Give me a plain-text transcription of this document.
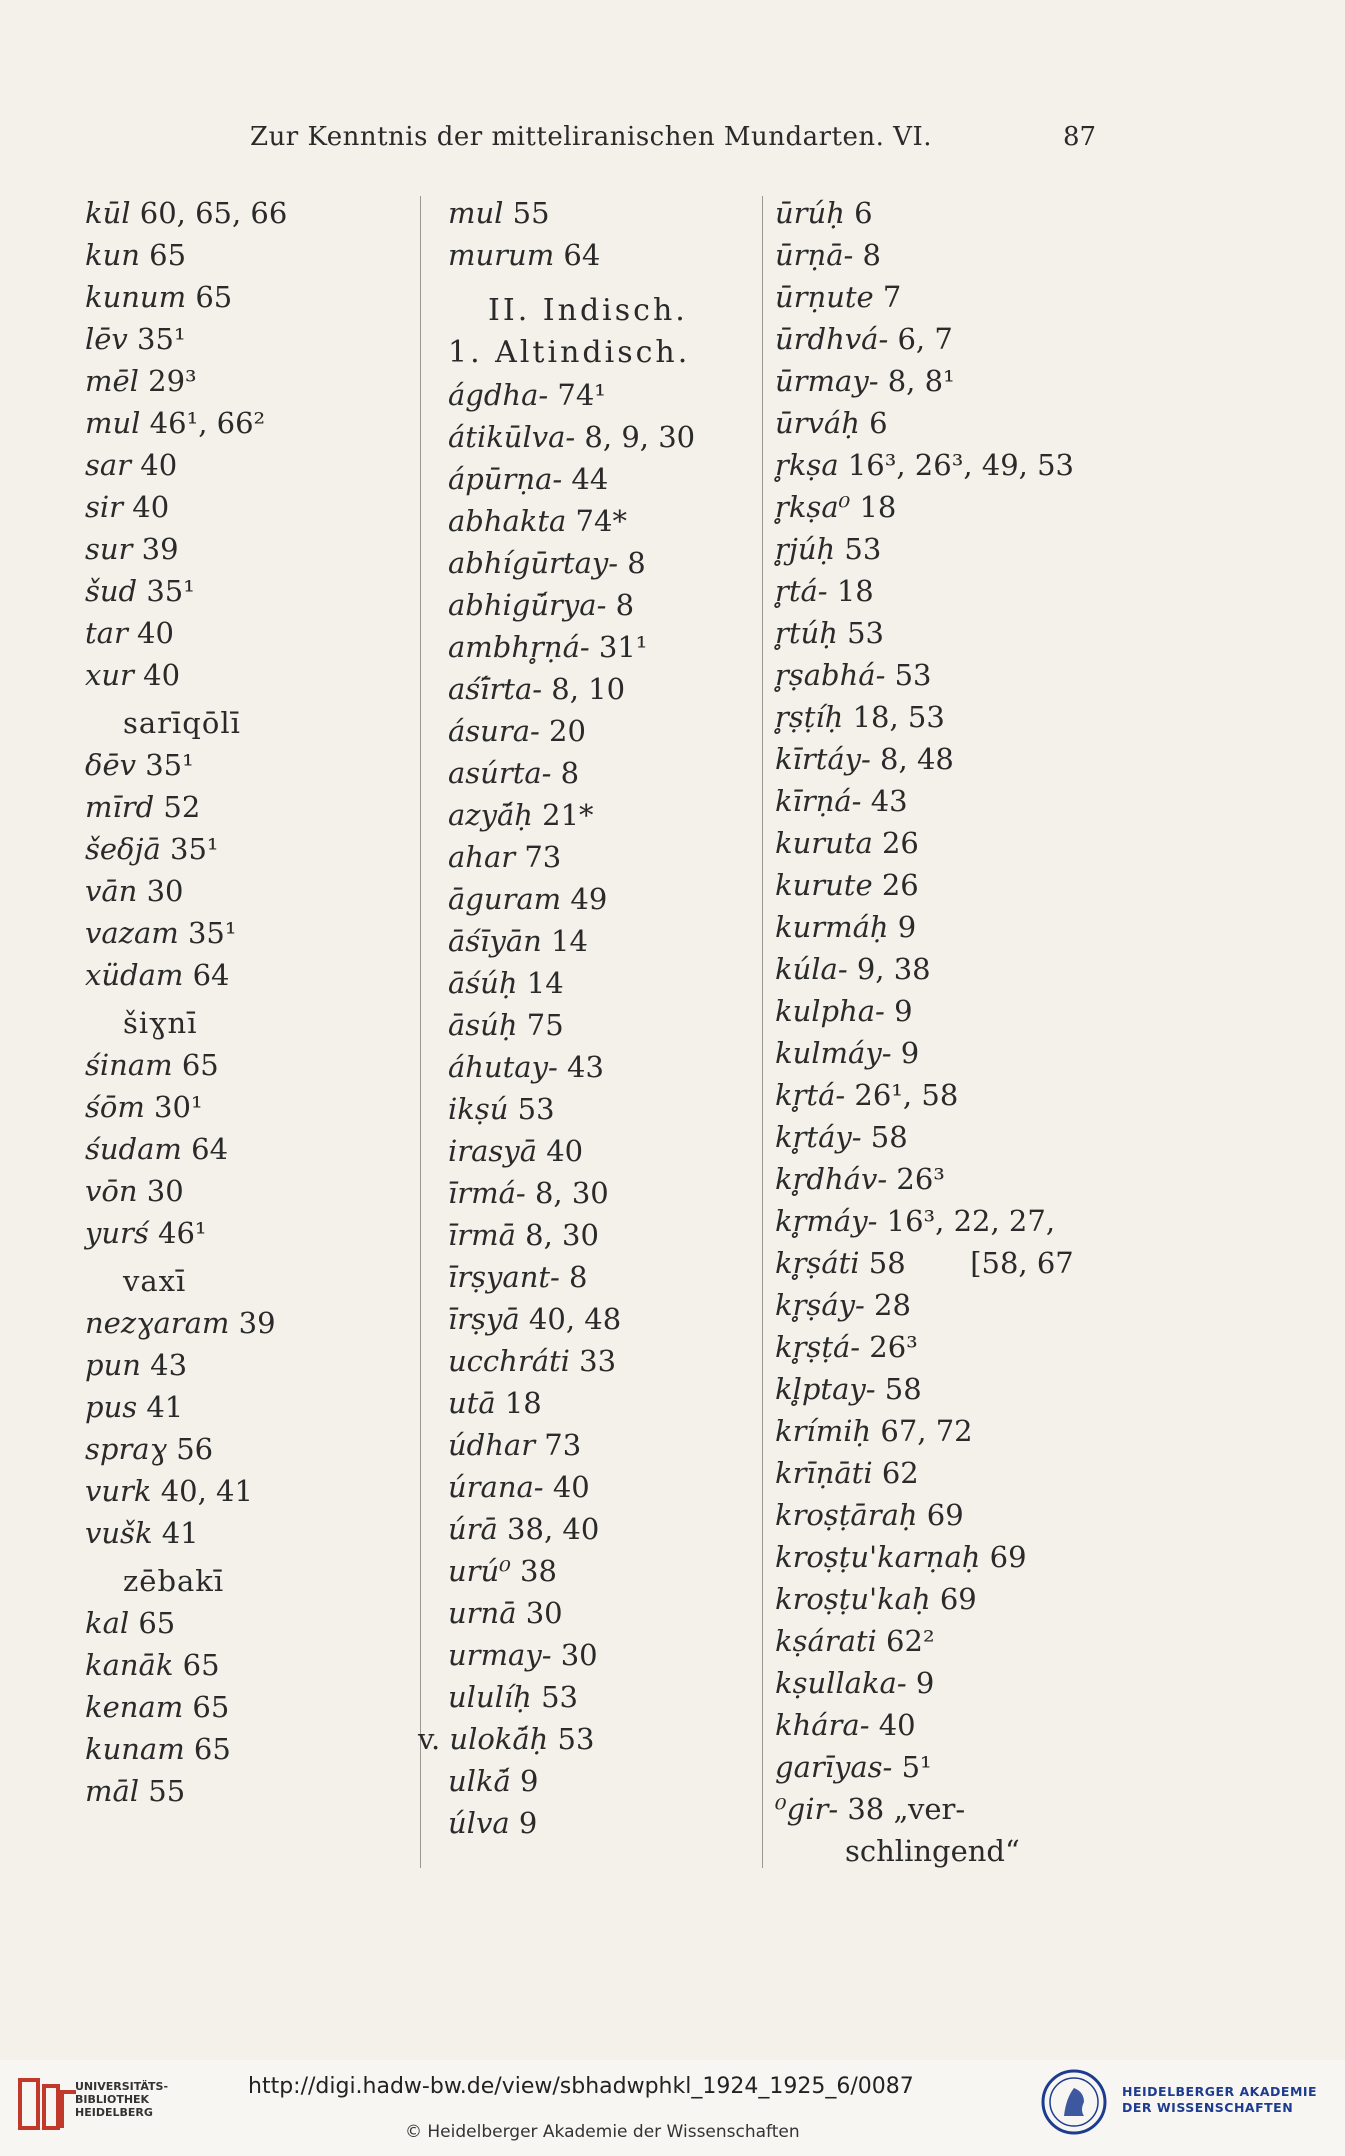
Zur Kenntnis der mitteliranischen Mundarten. VI.	87
kūl 60, 65, 66
kun 65
kunum 65
lēv 35¹
mēl 29³
mul 46¹, 66²
sar 40
sir 40
sur 39
šud 35¹
tar 40
xur 40
sarīqōlī
δēv 35¹
mīrd 52
šeδjā 35¹
vān 30
vazam 35¹
xüdam 64
šiɣnī
śinam 65
śōm 30¹
śudam 64
vōn 30
yurś 46¹
vaxī
nezɣaram 39
pun 43
pus 41
spraɣ 56
vurk 40, 41
vušk 41
zēbakī
kal 65
kanāk 65
kenam 65
kunam 65
māl 55
mul 55
murum 64
II. Indisch.
1. Altindisch.
ágdha- 74¹
átikūlva- 8, 9, 30
ápūrṇa- 44
abhakta 74*
abhígūrtay- 8
abhigū́rya- 8
ambhr̥ṇá- 31¹
aśī́rta- 8, 10
ásura- 20
asúrta- 8
azyā́ḥ 21*
ahar 73
āguram 49
āśīyān 14
āśúḥ 14
āsúḥ 75
áhutay- 43
ikṣú 53
irasyā 40
īrmá- 8, 30
īrmā 8, 30
īrṣyant- 8
īrṣyā 40, 48
ucchráti 33
utā 18
údhar 73
úrana- 40
úrā 38, 40
urú⁰ 38
urnā 30
urmay- 30
ululíḥ 53
v. ulokā́ḥ 53
ulkā́ 9
úlva 9
ūrúḥ 6
ūrṇā- 8
ūrṇute 7
ūrdhvá- 6, 7
ūrmay- 8, 8¹
ūrváḥ 6
r̥kṣa 16³, 26³, 49, 53
r̥kṣa⁰ 18
r̥júḥ 53
r̥tá- 18
r̥túḥ 53
r̥ṣabhá- 53
r̥ṣṭíḥ 18, 53
kīrtáy- 8, 48
kīrṇá- 43
kuruta 26
kurute 26
kurmáḥ 9
kúla- 9, 38
kulpha- 9
kulmáy- 9
kr̥tá- 26¹, 58
kr̥táy- 58
kr̥dháv- 26³
kr̥máy- 16³, 22, 27,
kr̥ṣáti 58       [58, 67
kr̥ṣáy- 28
kr̥ṣṭá- 26³
kl̥ptay- 58
krímiḥ 67, 72
krīṇāti 62
kroṣṭāraḥ 69
kroṣṭu'karṇaḥ 69
kroṣṭu'kaḥ 69
kṣárati 62²
kṣullaka- 9
khára- 40
garīyas- 5¹
⁰gir- 38 „ver-
schlingend“
UNIVERSITÄTS-
BIBLIOTHEK
HEIDELBERG
http://digi.hadw-bw.de/view/sbhadwphkl_1924_1925_6/0087
© Heidelberger Akademie der Wissenschaften
HEIDELBERGER AKADEMIE
DER WISSENSCHAFTEN
